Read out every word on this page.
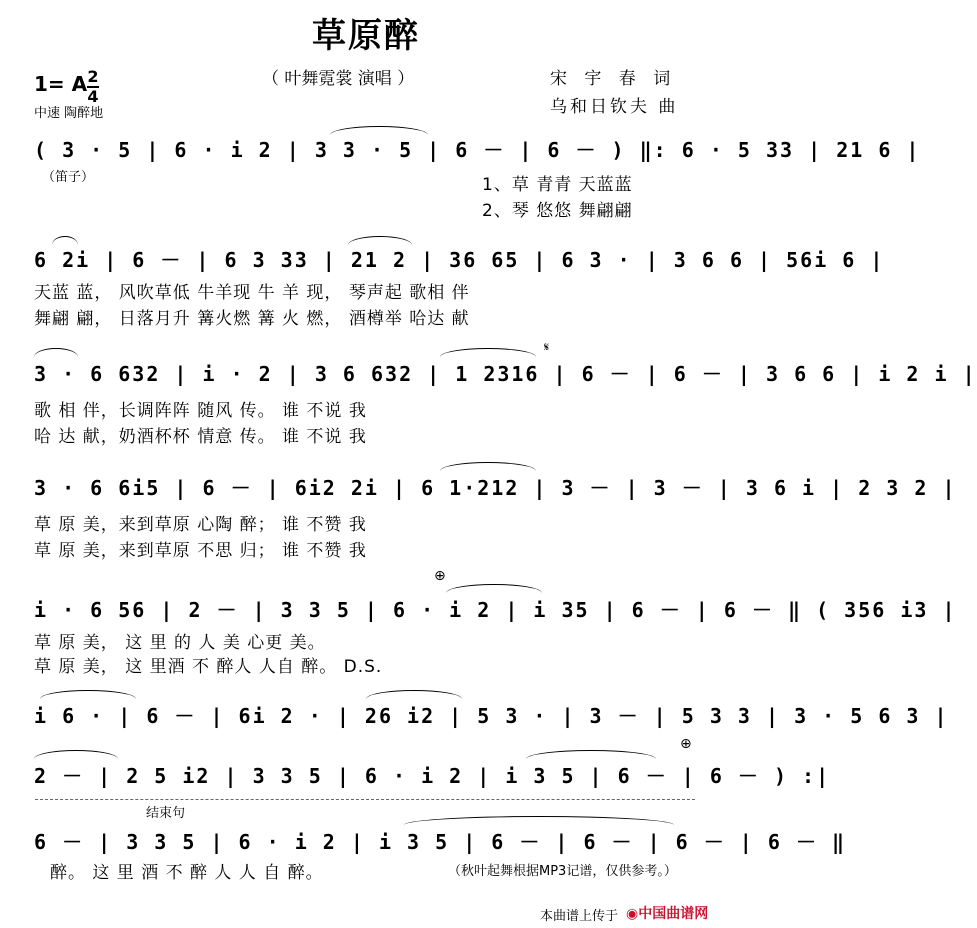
草原醉
（ 叶舞霓裳 演唱 ）	宋 宇 春 词
乌和日钦夫 曲
1= A 2
4
中速 陶醉地
( 3 · 5 | 6 · i 2 | 3 3 · 5 | 6 － | 6 － ) ‖: 6 · 5 33 | 21 6 |
（笛子）	1、草 青青 天蓝蓝
2、琴 悠悠 舞翩翩
6 2i | 6 － | 6 3 33 | 21 2 | 36 65 | 6 3 · | 3 6 6 | 56i 6 |
天蓝 蓝， 风吹草低 牛羊现 牛 羊 现， 琴声起 歌相 伴
舞翩 翩， 日落月升 篝火燃 篝 火 燃， 酒樽举 哈达 献
3 · 6 632 | i · 2 | 3 6 632 | 1 2316 | 6 － | 6 － | 3 6 6 | i 2 i |
歌 相 伴，长调阵阵 随风 传。 谁 不说 我
哈 达 献，奶酒杯杯 情意 传。 谁 不说 我
𝄋
3 · 6 6i5 | 6 － | 6i2 2i | 6 1·212 | 3 － | 3 － | 3 6 i | 2 3 2 |
草 原 美，来到草原 心陶 醉； 谁 不赞 我
草 原 美，来到草原 不思 归； 谁 不赞 我
i · 6 56 | 2 － | 3 3 5 | 6 · i 2 | i 35 | 6 － | 6 － ‖ ( 356 i3 |
草 原 美， 这 里 的 人 美 心更 美。
草 原 美， 这 里酒 不 醉人 人自 醉。 D.S.
⊕
i 6 · | 6 － | 6i 2 · | 26 i2 | 5 3 · | 3 － | 5 3 3 | 3 · 5 6 3 |
2 － | 2 5 i2 | 3 3 5 | 6 · i 2 | i 3 5 | 6 － | 6 － ) :|
⊕
结束句
6 － | 3 3 5 | 6 · i 2 | i 3 5 | 6 － | 6 － | 6 － | 6 － ‖
醉。 这 里 酒 不 醉 人 人 自 醉。	（秋叶起舞根据MP3记谱，仅供参考。）
本曲谱上传于 ◉中国曲谱网
